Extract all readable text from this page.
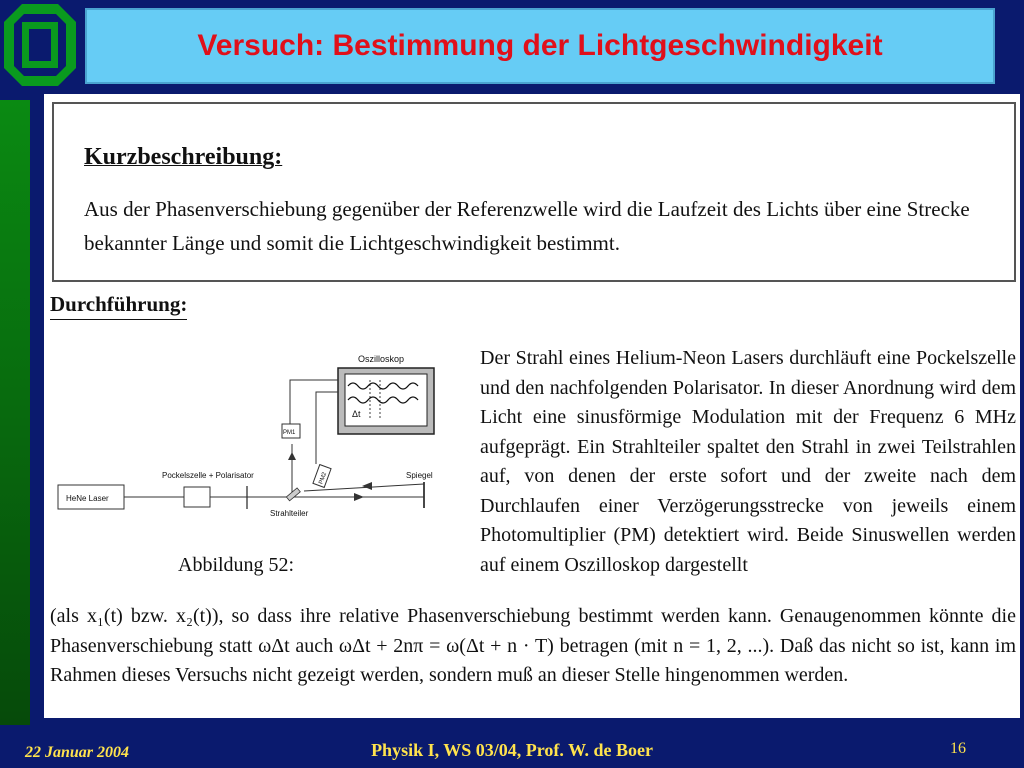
Versuch: Bestimmung der Lichtgeschwindigkeit
Kurzbeschreibung:

Aus der Phasenverschiebung gegenüber der Referenzwelle wird die Laufzeit des Lichts über eine Strecke bekannter Länge und somit die Lichtgeschwindigkeit bestimmt.

Durchführung:
Oszilloskop
Δt
PM1
PM2
HeNe Laser
Pockelszelle + Polarisator
Strahlteiler
Spiegel

Abbildung 52:

Der Strahl eines Helium-Neon Lasers durchläuft eine Pockelszelle und den nachfolgenden Polarisator. In dieser Anordnung wird dem Licht eine sinusförmige Modulation mit der Frequenz 6 MHz aufgeprägt. Ein Strahlteiler spaltet den Strahl in zwei Teilstrahlen auf, von denen der erste sofort und der zweite nach dem Durchlaufen einer Verzögerungsstrecke von jeweils einem Photomultiplier (PM) detektiert wird. Beide Sinuswellen werden auf einem Oszilloskop dargestellt

(als x₁(t) bzw. x₂(t)), so dass ihre relative Phasenverschiebung bestimmt werden kann. Genaugenommen könnte die Phasenverschiebung statt ωΔt auch ωΔt + 2nπ = ω(Δt + n · T) betragen (mit n = 1, 2, ...). Daß das nicht so ist, kann im Rahmen dieses Versuchs nicht gezeigt werden, sondern muß an dieser Stelle hingenommen werden.

22 Januar 2004	Physik I, WS 03/04, Prof. W. de Boer	16
